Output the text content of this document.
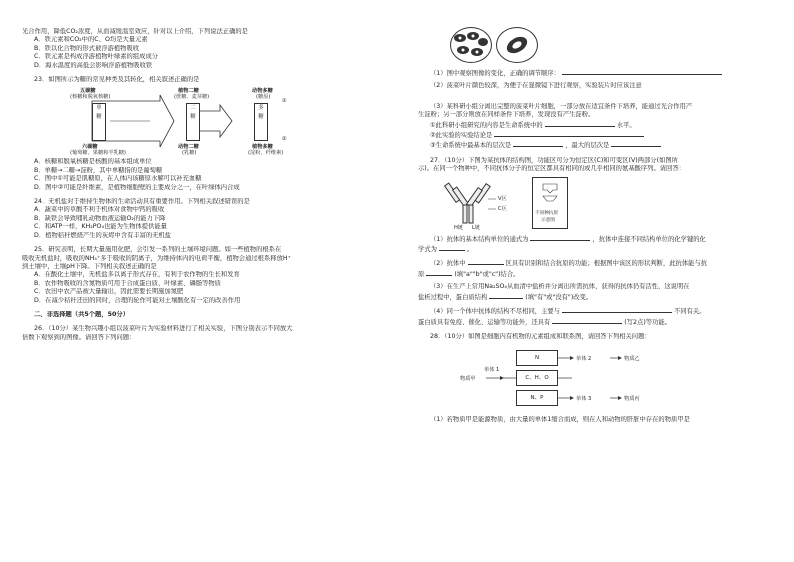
光合作用，降低CO₂浓度，从而减缓温室效应，针对以上介绍，下列说法正确的是
A．铁元素和CO₂中的C、O均是大量元素
B．铁以化合物的形式被浮游植物吸收
C．铁元素是构成浮游植物叶绿素的组成成分
D．海水温度的高低会影响浮游植物吸收铁
23．如图所示为糖的常见种类及其转化，相关叙述正确的是
单
糖
二
糖
多
糖
五碳糖
(核糖和脱氧核糖)
六碳糖
(葡萄糖、果糖和半乳糖)
植物二糖
(蔗糖、麦芽糖)
动物二糖
(乳糖)
动物多糖
(糖原)
植物多糖
(淀粉、纤维素)
①
②
A．核糖和脱氧核糖是核酸的基本组成单位
B．单糖→二糖→淀粉，其中单糖指的是葡萄糖
C．图中①可能是肌糖原，在人体内该糖原水解可以补充血糖
D．图中②可能是纤维素，是植物细胞壁的主要成分之一，在叶绿体内合成
24．无机盐对于维持生物体的生命活动具有重要作用。下列相关叙述错误的是
A．蔬菜中的草酸不利于机体对食物中钙的吸收
B．缺铁会导致哺乳动物血液运输O₂的能力下降
C．和ATP一样，KH₂PO₄也能为生物体提供能量
D．植物秸秆燃烧产生的灰烬中含有丰富的无机盐
25．研究表明，长期大量施用化肥，会引发一系列的土壤环境问题。如一些植物的根系在
吸收无机盐时，吸收的NH₄⁺多于吸收的阴离子，为维持体内的电荷平衡，植物会通过根系释放H⁺
到土壤中，土壤pH下降。下列相关叙述正确的是
A．在酸化土壤中，无机盐多以离子形式存在，有利于农作物的生长和发育
B．农作物吸收的含氮物质可用于合成蛋白质、叶绿素、磷脂等物质
C．农田中农产品被大量输出，因此需要长期施加氮肥
D．在减少秸秆还田的同时，合理的轮作可能对土壤酸化有一定的改善作用
二、非选择题（共5个题，50分）
26．（10分）某生物兴趣小组以菠菜叶片为实验材料进行了相关实验，下图分别表示不同放大
倍数下观察到的图像。请回答下列问题：
（1）图中观察图像的变化，正确的调节顺序：
（2）菠菜叶片颜色较深，为便于在显微镜下进行观察，实验装片时应该注意
（3）某科研小组分离出完整的菠菜叶片细胞，一部分放在适宜条件下培养，能通过光合作用产
生淀粉；另一部分则放在同样条件下培养，发现没有产生淀粉。
①此科研小组研究的内容是生命系统中的	水平。
②此实验的实验结论是
③生命系统中最基本的层次是	，最大的层次是
27．（10分）下图为某抗体的结构图，功能区可分为恒定区(C)和可变区(V)两部分(如图所
示)。在同一个物种中，不同抗体分子的恒定区都具有相同的或几乎相同的氨基酸序列。请回答：
V区
C区
H链 L链
不同种抗原
示意图
（1）抗体的基本结构单位的通式为	，抗体中连接不同结构单位的化学键的化
学式为	。
（2）抗体中	区具有识别和结合抗原的功能；根据图中该区的形状判断，此抗体能与抗
原	(填"a""b"或"c")结合。
（3）在生产上常用Na₂SO₄从血清中盐析并分离出所需抗体，获得的抗体仍有活性，这说明在
盐析过程中，蛋白质结构	(填"有"或"没有")改变。
（4）同一个体中抗体的结构不尽相同，主要与	不同有关。
蛋白质具有免疫、催化、运输等功能外，还具有	(写2点)等功能。
28．（10分）如图是细胞内有机物的元素组成和联系图，请回答下列相关问题：
N
C、H、O
N、P
物质甲
单体 1
单体 2
单体 3
物质乙
物质丙
（1）若物质甲是能源物质，由大量的单体1缩合而成，则在人和动物的肝脏中存在的物质甲是
